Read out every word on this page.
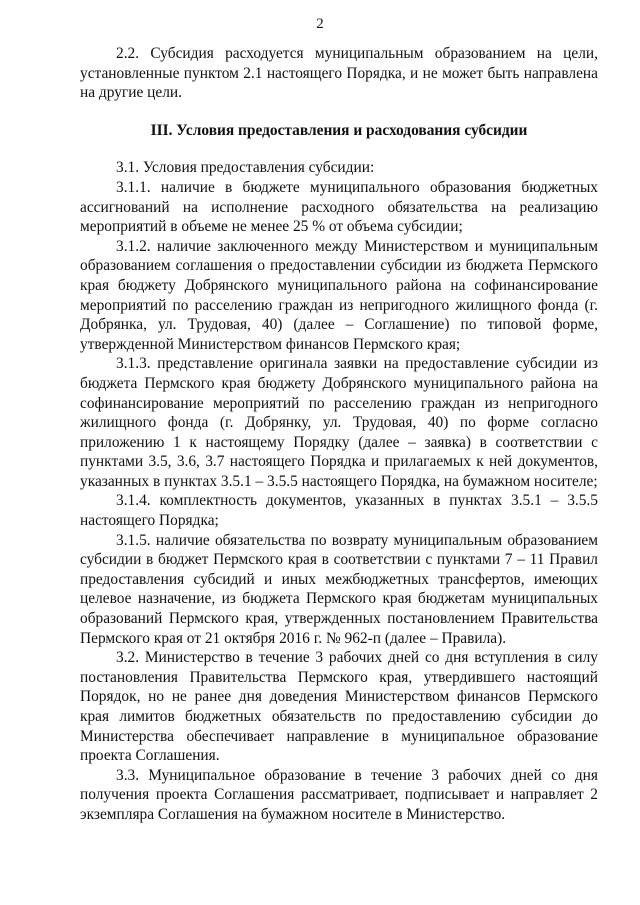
2

2.2. Субсидия расходуется муниципальным образованием на цели, установленные пунктом 2.1 настоящего Порядка, и не может быть направлена на другие цели.

III. Условия предоставления и расходования субсидии

3.1. Условия предоставления субсидии:

3.1.1. наличие в бюджете муниципального образования бюджетных ассигнований на исполнение расходного обязательства на реализацию мероприятий в объеме не менее 25 % от объема субсидии;

3.1.2. наличие заключенного между Министерством и муниципальным образованием соглашения о предоставлении субсидии из бюджета Пермского края бюджету Добрянского муниципального района на софинансирование мероприятий по расселению граждан из непригодного жилищного фонда (г. Добрянка, ул. Трудовая, 40) (далее – Соглашение) по типовой форме, утвержденной Министерством финансов Пермского края;

3.1.3. представление оригинала заявки на предоставление субсидии из бюджета Пермского края бюджету Добрянского муниципального района на софинансирование мероприятий по расселению граждан из непригодного жилищного фонда (г. Добрянку, ул. Трудовая, 40) по форме согласно приложению 1 к настоящему Порядку (далее – заявка) в соответствии с пунктами 3.5, 3.6, 3.7 настоящего Порядка и прилагаемых к ней документов, указанных в пунктах 3.5.1 – 3.5.5 настоящего Порядка, на бумажном носителе;

3.1.4. комплектность документов, указанных в пунктах 3.5.1 – 3.5.5 настоящего Порядка;

3.1.5. наличие обязательства по возврату муниципальным образованием субсидии в бюджет Пермского края в соответствии с пунктами 7 – 11 Правил предоставления субсидий и иных межбюджетных трансфертов, имеющих целевое назначение, из бюджета Пермского края бюджетам муниципальных образований Пермского края, утвержденных постановлением Правительства Пермского края от 21 октября 2016 г. № 962-п (далее – Правила).

3.2. Министерство в течение 3 рабочих дней со дня вступления в силу постановления Правительства Пермского края, утвердившего настоящий Порядок, но не ранее дня доведения Министерством финансов Пермского края лимитов бюджетных обязательств по предоставлению субсидии до Министерства обеспечивает направление в муниципальное образование проекта Соглашения.

3.3. Муниципальное образование в течение 3 рабочих дней со дня получения проекта Соглашения рассматривает, подписывает и направляет 2 экземпляра Соглашения на бумажном носителе в Министерство.
